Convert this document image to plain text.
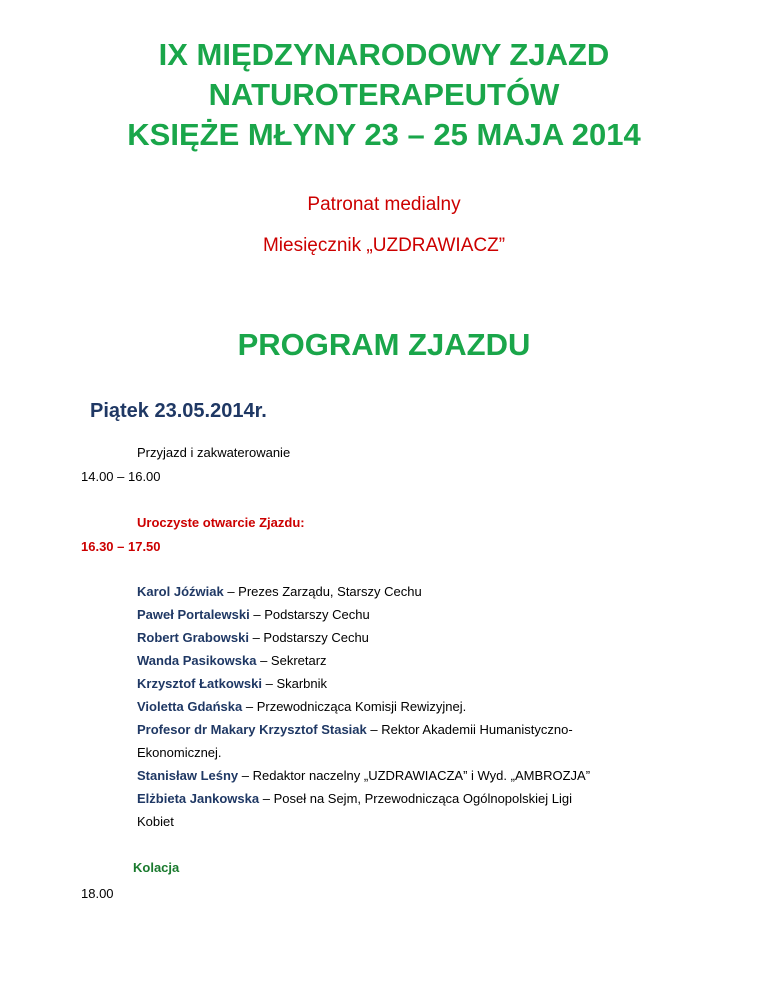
IX MIĘDZYNARODOWY ZJAZD
NATUROTERAPEUTÓW
KSIĘŻE MŁYNY 23 – 25 MAJA 2014

Patronat medialny

Miesięcznik „UZDRAWIACZ”

PROGRAM ZJAZDU
Piątek 23.05.2014r.

Przyjazd i zakwaterowanie

14.00 – 16.00

Uroczyste otwarcie Zjazdu:

16.30 – 17.50

Karol Jóźwiak – Prezes Zarządu, Starszy Cechu

Paweł Portalewski – Podstarszy Cechu

Robert Grabowski – Podstarszy Cechu

Wanda Pasikowska – Sekretarz

Krzysztof Łatkowski – Skarbnik

Violetta Gdańska – Przewodnicząca Komisji Rewizyjnej.

Profesor dr Makary Krzysztof Stasiak – Rektor Akademii Humanistyczno-

Ekonomicznej.

Stanisław Leśny – Redaktor naczelny „UZDRAWIACZA” i Wyd. „AMBROZJA”

Elżbieta Jankowska – Poseł na Sejm, Przewodnicząca Ogólnopolskiej Ligi

Kobiet

Kolacja

18.00
